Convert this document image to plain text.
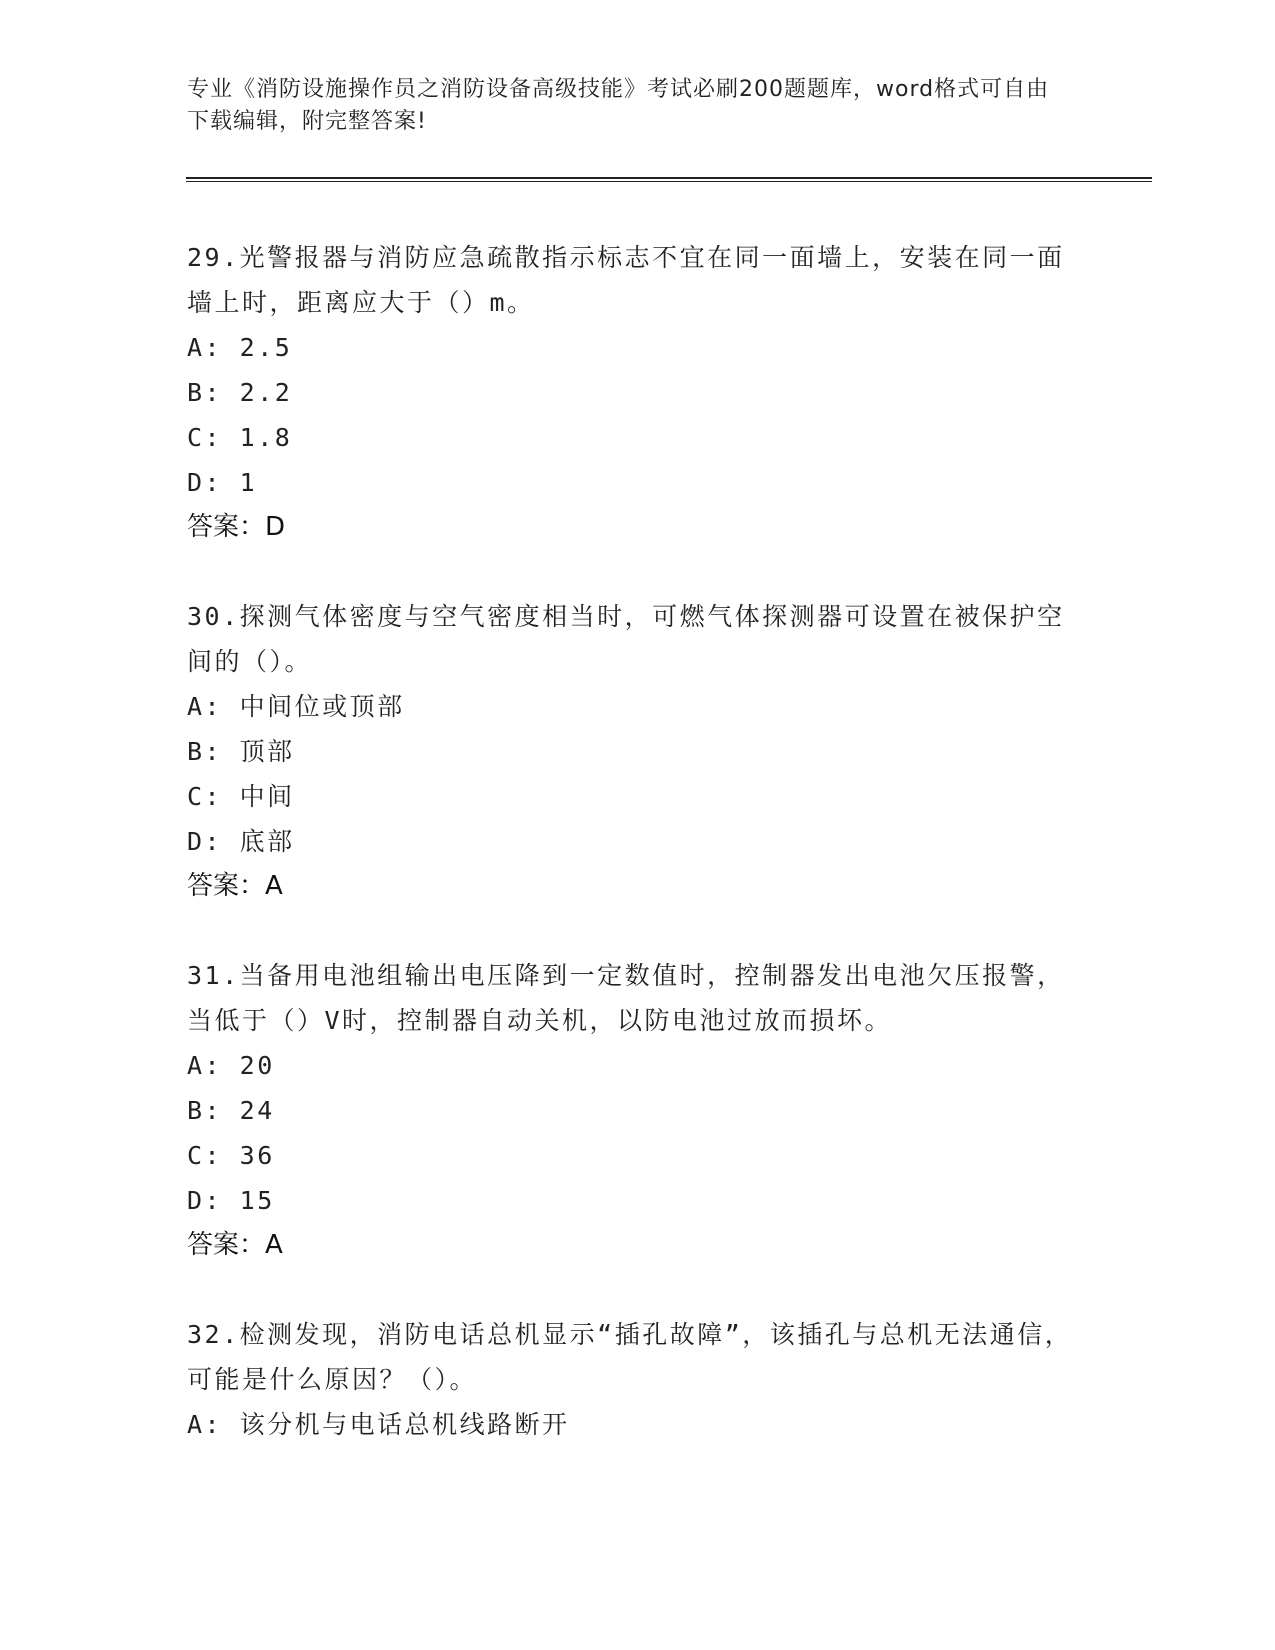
专业《消防设施操作员之消防设备高级技能》考试必刷200题题库，word格式可自由下载编辑，附完整答案!
29.光警报器与消防应急疏散指示标志不宜在同一面墙上，安装在同一面墙上时，距离应大于（）m。
A: 2.5
B: 2.2
C: 1.8
D: 1
答案：D
30.探测气体密度与空气密度相当时，可燃气体探测器可设置在被保护空间的（）。
A: 中间位或顶部
B: 顶部
C: 中间
D: 底部
答案：A
31.当备用电池组输出电压降到一定数值时，控制器发出电池欠压报警，当低于（）V时，控制器自动关机，以防电池过放而损坏。
A: 20
B: 24
C: 36
D: 15
答案：A
32.检测发现，消防电话总机显示“插孔故障”，该插孔与总机无法通信，可能是什么原因？（）。
A: 该分机与电话总机线路断开
